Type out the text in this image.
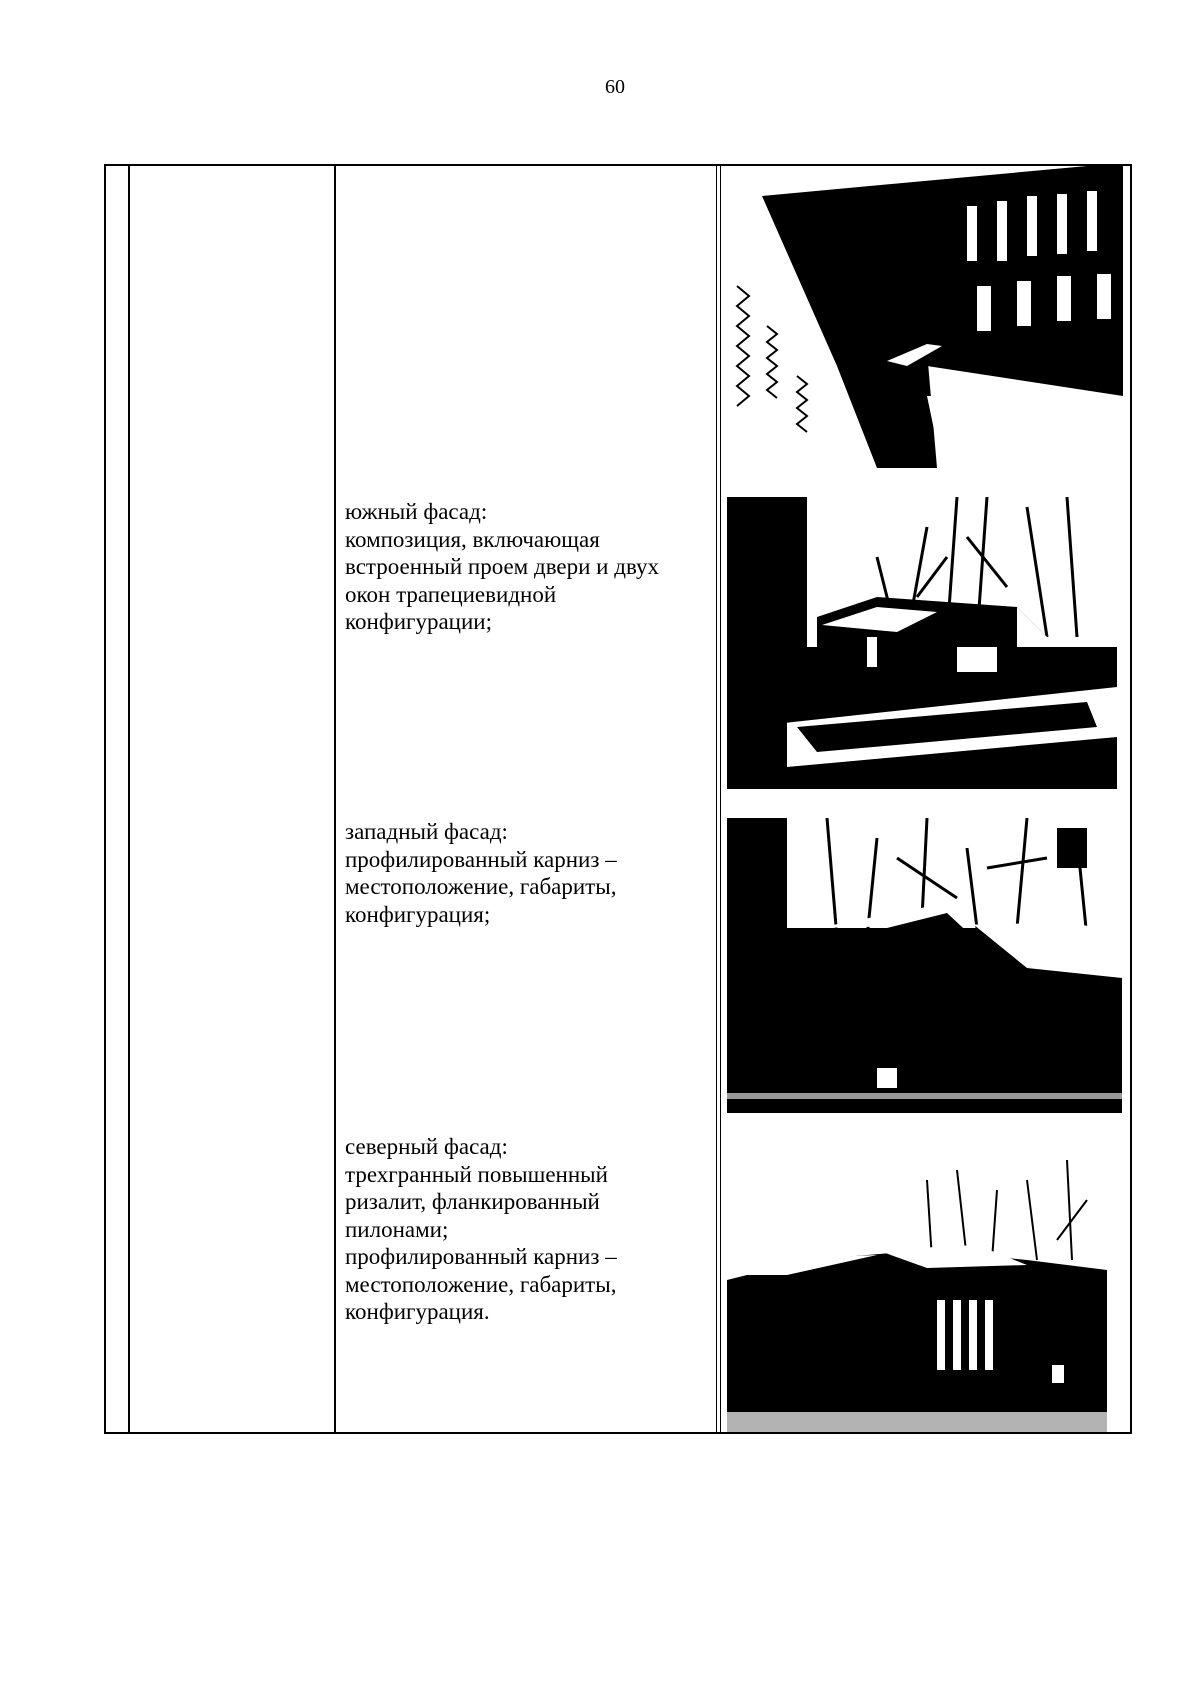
60
южный фасад:
композиция, включающая
встроенный проем двери и двух
окон трапециевидной
конфигурации;
западный фасад:
профилированный карниз –
местоположение, габариты,
конфигурация;
северный фасад:
трехгранный повышенный
ризалит, фланкированный
пилонами;
профилированный карниз –
местоположение, габариты,
конфигурация.
